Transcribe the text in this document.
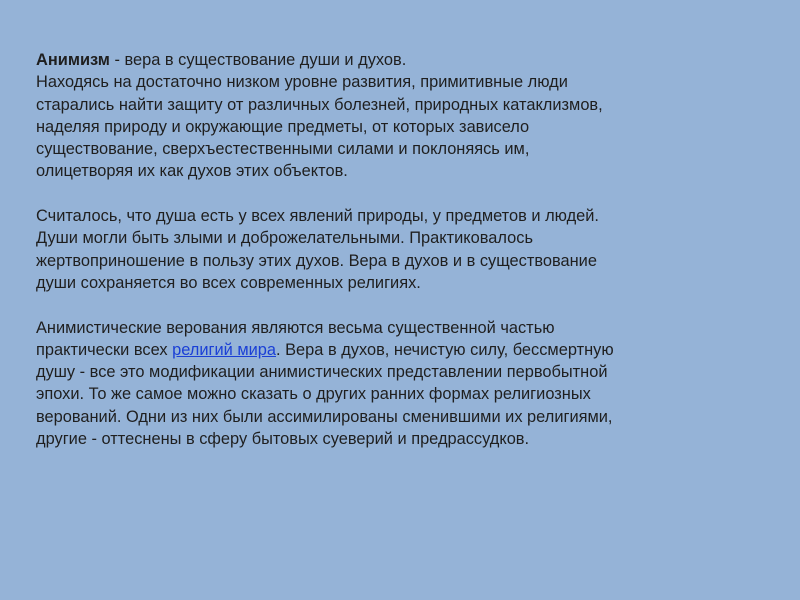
Анимизм - вера в существование души и духов.

Находясь на достаточно низком уровне развития, примитивные люди

старались найти защиту от различных болезней, природных катаклизмов,

наделяя природу и окружающие предметы, от которых зависело

существование, сверхъестественными силами и поклоняясь им,

олицетворяя их как духов этих объектов.

Считалось, что душа есть у всех явлений природы, у предметов и людей.

Души могли быть злыми и доброжелательными. Практиковалось

жертвоприношение в пользу этих духов. Вера в духов и в существование

души сохраняется во всех современных религиях.

Анимистические верования являются весьма существенной частью

практически всех религий мира. Вера в духов, нечистую силу, бессмертную

душу - все это модификации анимистических представлении первобытной

эпохи. То же самое можно сказать о других ранних формах религиозных

верований. Одни из них были ассимилированы сменившими их религиями,

другие - оттеснены в сферу бытовых суеверий и предрассудков.
